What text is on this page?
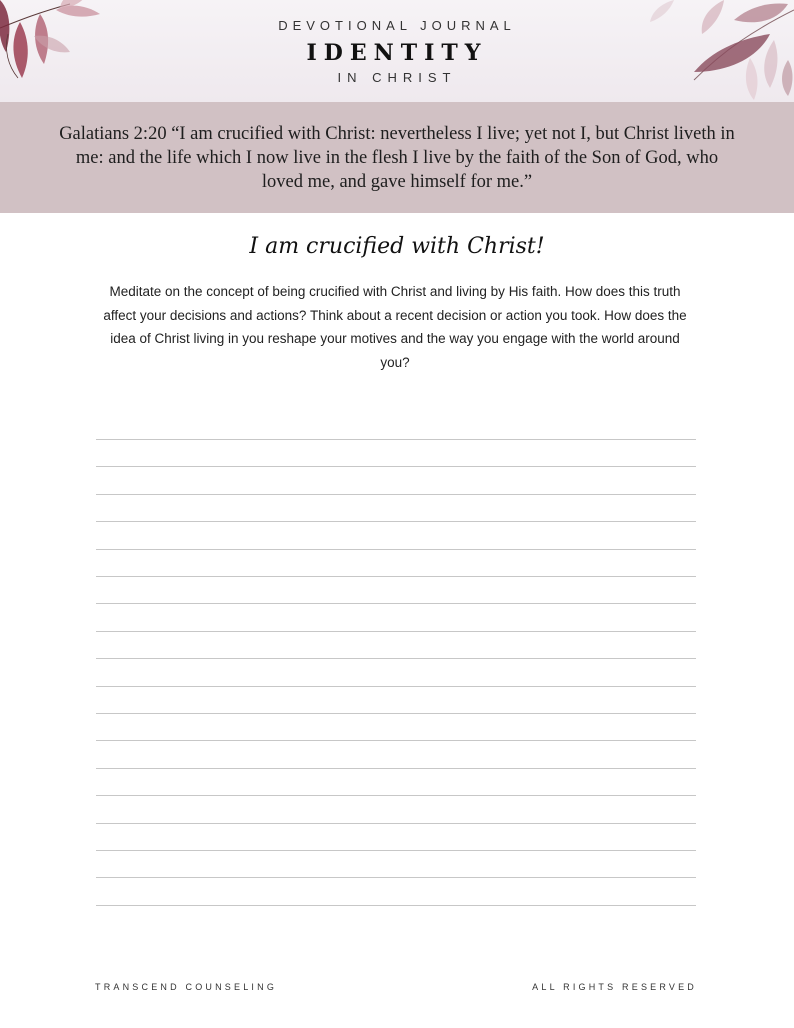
DEVOTIONAL JOURNAL
IDENTITY
IN CHRIST
Galatians 2:20 “I am crucified with Christ: nevertheless I live; yet not I, but Christ liveth in me: and the life which I now live in the flesh I live by the faith of the Son of God, who loved me, and gave himself for me.”
I am crucified with Christ!
Meditate on the concept of being crucified with Christ and living by His faith. How does this truth affect your decisions and actions? Think about a recent decision or action you took. How does the idea of Christ living in you reshape your motives and the way you engage with the world around you?
TRANSCEND COUNSELING	ALL RIGHTS RESERVED
